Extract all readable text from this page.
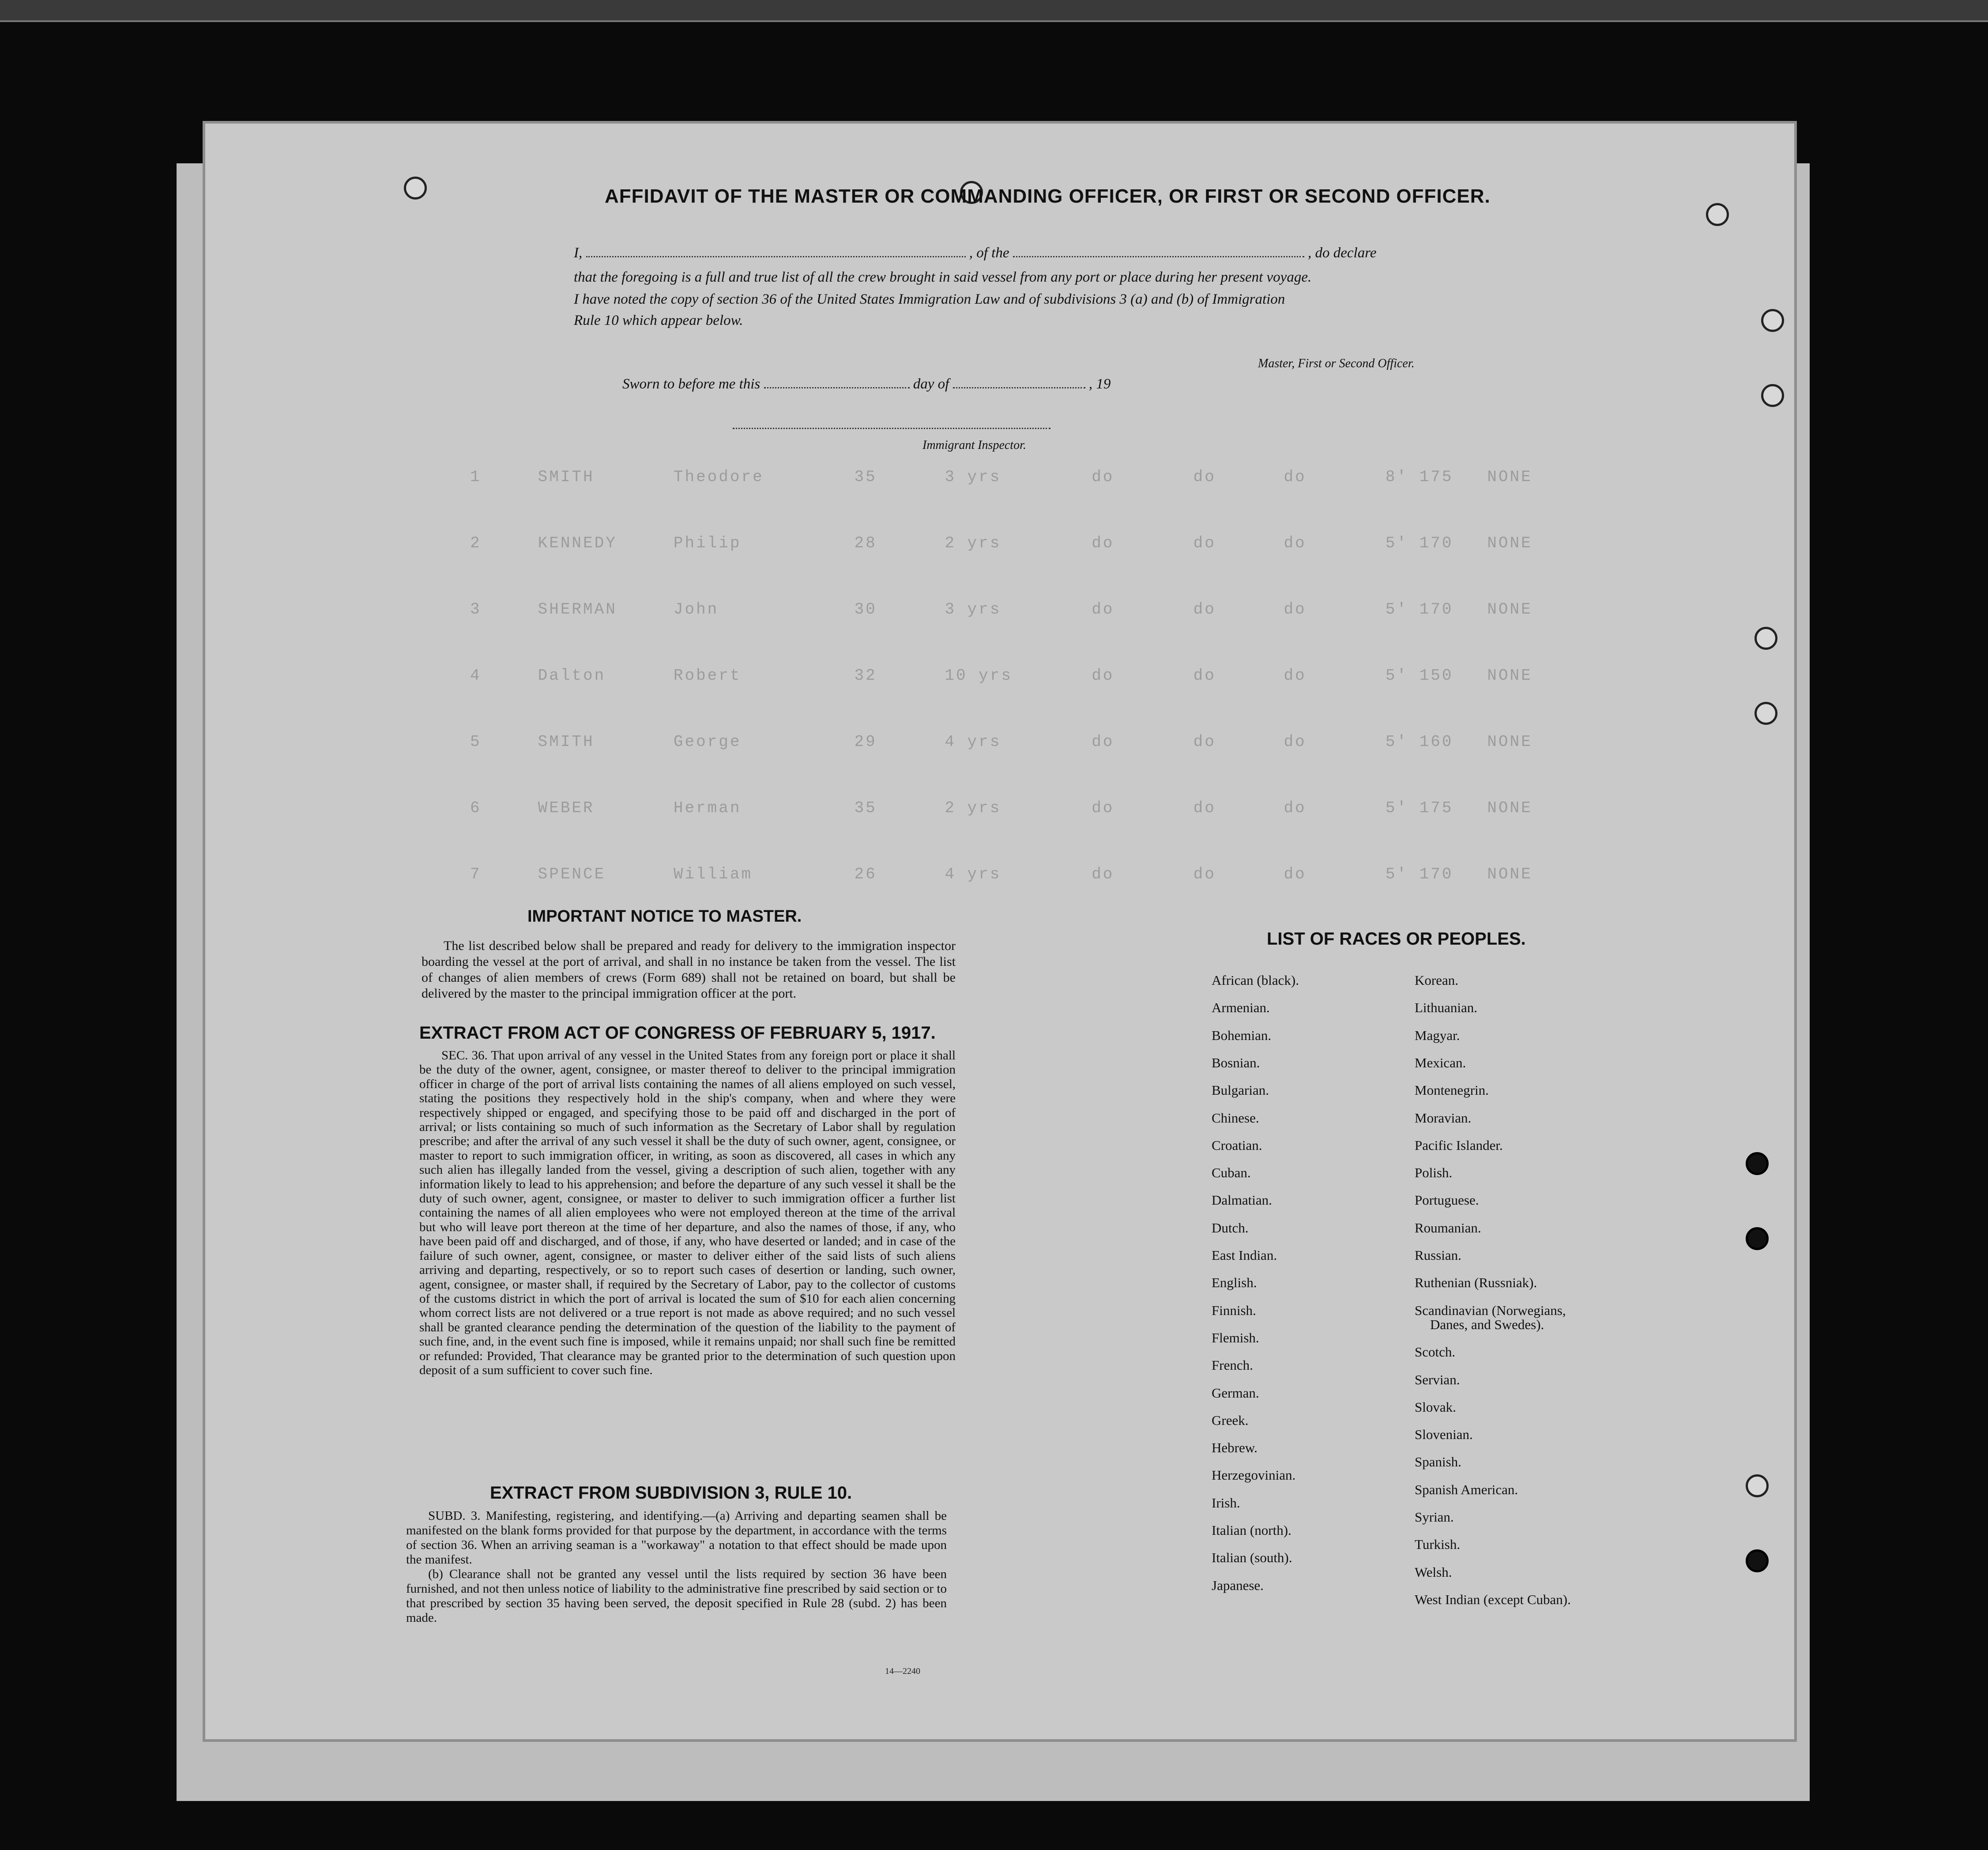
1     SMITH       Theodore        35      3 yrs        do       do      do       8' 175   NONE
2     KENNEDY     Philip          28      2 yrs        do       do      do       5' 170   NONE
3     SHERMAN     John            30      3 yrs        do       do      do       5' 170   NONE
4     Dalton      Robert          32      10 yrs       do       do      do       5' 150   NONE
5     SMITH       George          29      4 yrs        do       do      do       5' 160   NONE
6     WEBER       Herman          35      2 yrs        do       do      do       5' 175   NONE
7     SPENCE      William         26      4 yrs        do       do      do       5' 170   NONE
AFFIDAVIT OF THE MASTER OR COMMANDING OFFICER, OR FIRST OR SECOND OFFICER.
I,	, of the	, do declare
that the foregoing is a full and true list of all the crew brought in said vessel from any port or place during her present voyage.
I have noted the copy of section 36 of the United States Immigration Law and of subdivisions 3 (a) and (b) of Immigration
Rule 10 which appear below.
Master, First or Second Officer.
Sworn to before me this	day of	, 19
Immigrant Inspector.
IMPORTANT NOTICE TO MASTER.

The list described below shall be prepared and ready for delivery to the immigration inspector boarding the vessel at the port of arrival, and shall in no instance be taken from the vessel. The list of changes of alien members of crews (Form 689) shall not be retained on board, but shall be delivered by the master to the principal immigration officer at the port.

EXTRACT FROM ACT OF CONGRESS OF FEBRUARY 5, 1917.

SEC. 36. That upon arrival of any vessel in the United States from any foreign port or place it shall be the duty of the owner, agent, consignee, or master thereof to deliver to the principal immigration officer in charge of the port of arrival lists containing the names of all aliens employed on such vessel, stating the positions they respectively hold in the ship's company, when and where they were respectively shipped or engaged, and specifying those to be paid off and discharged in the port of arrival; or lists containing so much of such information as the Secretary of Labor shall by regulation prescribe; and after the arrival of any such vessel it shall be the duty of such owner, agent, consignee, or master to report to such immigration officer, in writing, as soon as discovered, all cases in which any such alien has illegally landed from the vessel, giving a description of such alien, together with any information likely to lead to his apprehension; and before the departure of any such vessel it shall be the duty of such owner, agent, consignee, or master to deliver to such immigration officer a further list containing the names of all alien employees who were not employed thereon at the time of the arrival but who will leave port thereon at the time of her departure, and also the names of those, if any, who have been paid off and discharged, and of those, if any, who have deserted or landed; and in case of the failure of such owner, agent, consignee, or master to deliver either of the said lists of such aliens arriving and departing, respectively, or so to report such cases of desertion or landing, such owner, agent, consignee, or master shall, if required by the Secretary of Labor, pay to the collector of customs of the customs district in which the port of arrival is located the sum of $10 for each alien concerning whom correct lists are not delivered or a true report is not made as above required; and no such vessel shall be granted clearance pending the determination of the question of the liability to the payment of such fine, and, in the event such fine is imposed, while it remains unpaid; nor shall such fine be remitted or refunded: Provided, That clearance may be granted prior to the determination of such question upon deposit of a sum sufficient to cover such fine.

EXTRACT FROM SUBDIVISION 3, RULE 10.

SUBD. 3. Manifesting, registering, and identifying.—(a) Arriving and departing seamen shall be manifested on the blank forms provided for that purpose by the department, in accordance with the terms of section 36. When an arriving seaman is a "workaway" a notation to that effect should be made upon the manifest.

(b) Clearance shall not be granted any vessel until the lists required by section 36 have been furnished, and not then unless notice of liability to the administrative fine prescribed by said section or to that prescribed by section 35 having been served, the deposit specified in Rule 28 (subd. 2) has been made.

14—2240
LIST OF RACES OR PEOPLES.
African (black).
Armenian.
Bohemian.
Bosnian.
Bulgarian.
Chinese.
Croatian.
Cuban.
Dalmatian.
Dutch.
East Indian.
English.
Finnish.
Flemish.
French.
German.
Greek.
Hebrew.
Herzegovinian.
Irish.
Italian (north).
Italian (south).
Japanese.
Korean.
Lithuanian.
Magyar.
Mexican.
Montenegrin.
Moravian.
Pacific Islander.
Polish.
Portuguese.
Roumanian.
Russian.
Ruthenian (Russniak).
Scandinavian (Norwegians,
Danes, and Swedes).
Scotch.
Servian.
Slovak.
Slovenian.
Spanish.
Spanish American.
Syrian.
Turkish.
Welsh.
West Indian (except Cuban).
